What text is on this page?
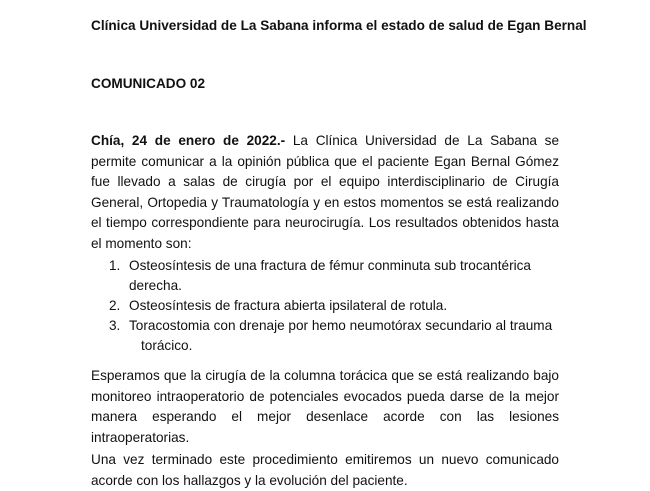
Clínica Universidad de La Sabana informa el estado de salud de Egan Bernal
COMUNICADO 02
Chía, 24 de enero de 2022.- La Clínica Universidad de La Sabana se permite comunicar a la opinión pública que el paciente Egan Bernal Gómez fue llevado a salas de cirugía por el equipo interdisciplinario de Cirugía General, Ortopedia y Traumatología y en estos momentos se está realizando el tiempo correspondiente para neurocirugía. Los resultados obtenidos hasta el momento son:
1. Osteosíntesis de una fractura de fémur conminuta sub trocantérica
derecha.
2. Osteosíntesis de fractura abierta ipsilateral de rotula.
3. Toracostomia con drenaje por hemo neumotórax secundario al trauma
torácico.
Esperamos que la cirugía de la columna torácica que se está realizando bajo monitoreo intraoperatorio de potenciales evocados pueda darse de la mejor manera esperando el mejor desenlace acorde con las lesiones intraoperatorias.
Una vez terminado este procedimiento emitiremos un nuevo comunicado acorde con los hallazgos y la evolución del paciente.
